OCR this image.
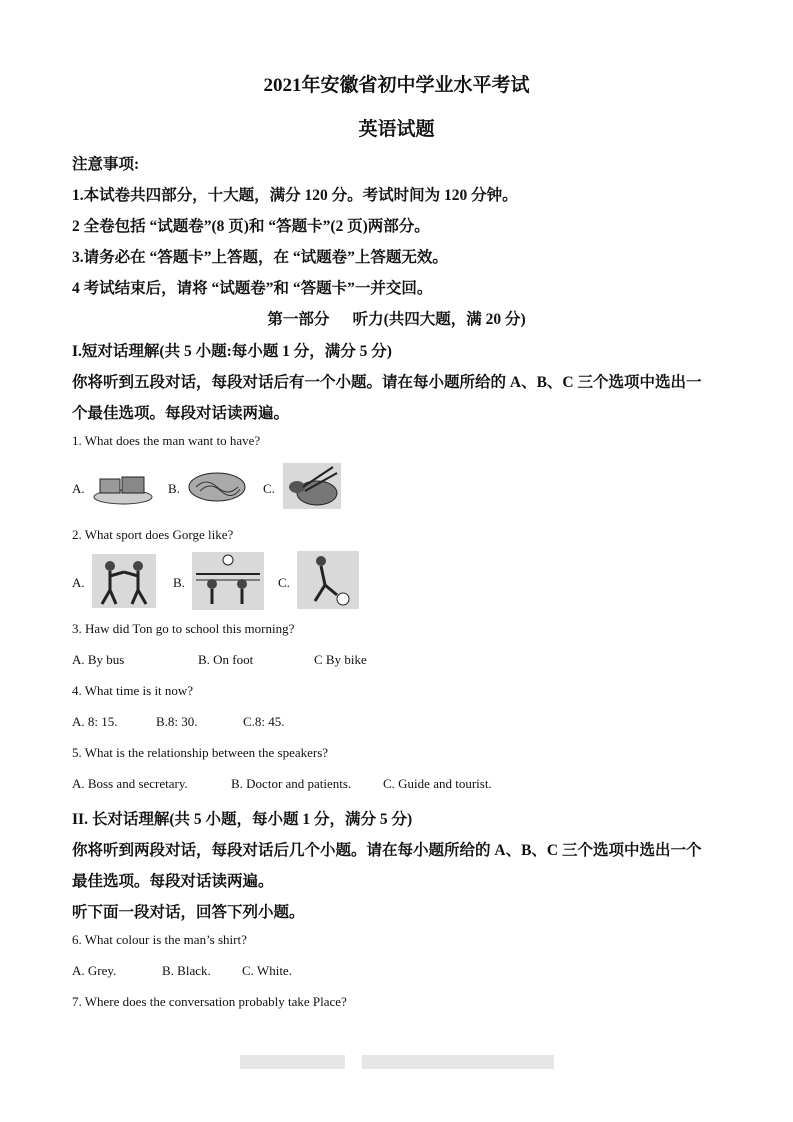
2021年安徽省初中学业水平考试
英语试题
注意事项:
1.本试卷共四部分，十大题，满分 120 分。考试时间为 120 分钟。
2 全卷包括 “试题卷”(8 页)和 “答题卡”(2 页)两部分。
3.请务必在 “答题卡”上答题，在 “试题卷”上答题无效。
4 考试结束后，请将 “试题卷”和 “答题卡”一并交回。
第一部分      听力(共四大题，满 20 分)
I.短对话理解(共 5 小题:每小题 1 分，满分 5 分)
你将听到五段对话，每段对话后有一个小题。请在每小题所给的 A、B、C 三个选项中选出一
个最佳选项。每段对话读两遍。
1. What does the man want to have?
A.	B.	C.
2. What sport does Gorge like?
A.	B.	C.
3. Haw did Ton go to school this morning?
A. By bus	B. On foot	C By bike
4. What time is it now?
A. 8: 15.	B.8: 30.	C.8: 45.
5. What is the relationship between the speakers?
A. Boss and secretary.	B. Doctor and patients. C. Guide and tourist.
II. 长对话理解(共 5 小题，每小题 1 分，满分 5 分)
你将听到两段对话，每段对话后几个小题。请在每小题所给的 A、B、C 三个选项中选出一个
最佳选项。每段对话读两遍。
听下面一段对话，回答下列小题。
6. What colour is the man’s shirt?
A. Grey.	B. Black. C. White.
7. Where does the conversation probably take Place?
